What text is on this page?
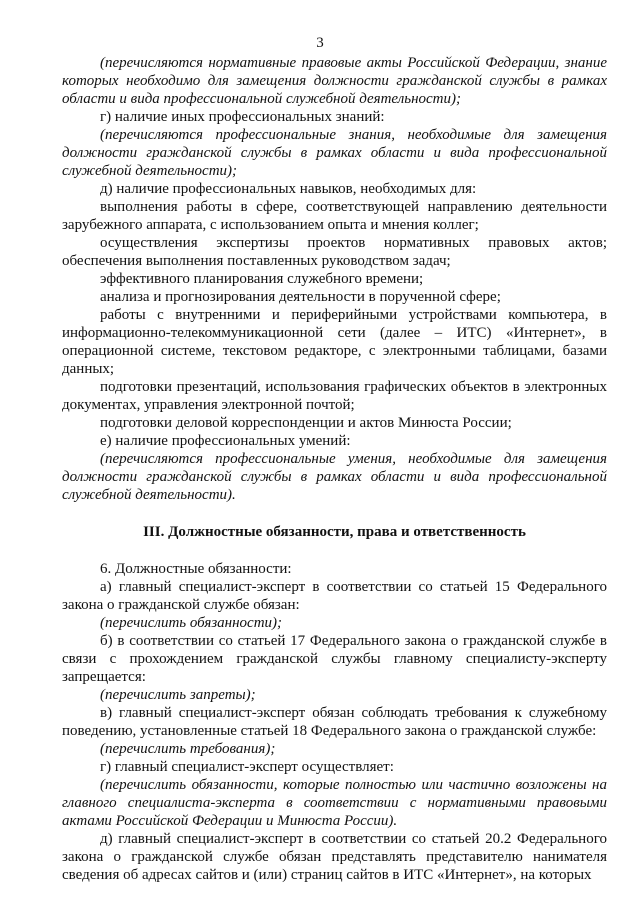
3

(перечисляются нормативные правовые акты Российской Федерации, знание которых необходимо для замещения должности гражданской службы в рамках области и вида профессиональной служебной деятельности);

г) наличие иных профессиональных знаний:

(перечисляются профессиональные знания, необходимые для замещения должности гражданской службы в рамках области и вида профессиональной служебной деятельности);

д) наличие профессиональных навыков, необходимых для:

выполнения работы в сфере, соответствующей направлению деятельности зарубежного аппарата, с использованием опыта и мнения коллег;

осуществления экспертизы проектов нормативных правовых актов; обеспечения выполнения поставленных руководством задач;

эффективного планирования служебного времени;

анализа и прогнозирования деятельности в порученной сфере;

работы с внутренними и периферийными устройствами компьютера, в информационно-телекоммуникационной сети (далее – ИТС) «Интернет», в операционной системе, текстовом редакторе, с электронными таблицами, базами данных;

подготовки презентаций, использования графических объектов в электронных документах, управления электронной почтой;

подготовки деловой корреспонденции и актов Минюста России;

е) наличие профессиональных умений:

(перечисляются профессиональные умения, необходимые для замещения должности гражданской службы в рамках области и вида профессиональной служебной деятельности).

III. Должностные обязанности, права и ответственность

6. Должностные обязанности:

а) главный специалист-эксперт в соответствии со статьей 15 Федерального закона о гражданской службе обязан:

(перечислить обязанности);

б) в соответствии со статьей 17 Федерального закона о гражданской службе в связи с прохождением гражданской службы главному специалисту-эксперту запрещается:

(перечислить запреты);

в) главный специалист-эксперт обязан соблюдать требования к служебному поведению, установленные статьей 18 Федерального закона о гражданской службе:

(перечислить требования);

г) главный специалист-эксперт осуществляет:

(перечислить обязанности, которые полностью или частично возложены на главного специалиста-эксперта в соответствии с нормативными правовыми актами Российской Федерации и Минюста России).

д) главный специалист-эксперт в соответствии со статьей 20.2 Федерального закона о гражданской службе обязан представлять представителю нанимателя сведения об адресах сайтов и (или) страниц сайтов в ИТС «Интернет», на которых
